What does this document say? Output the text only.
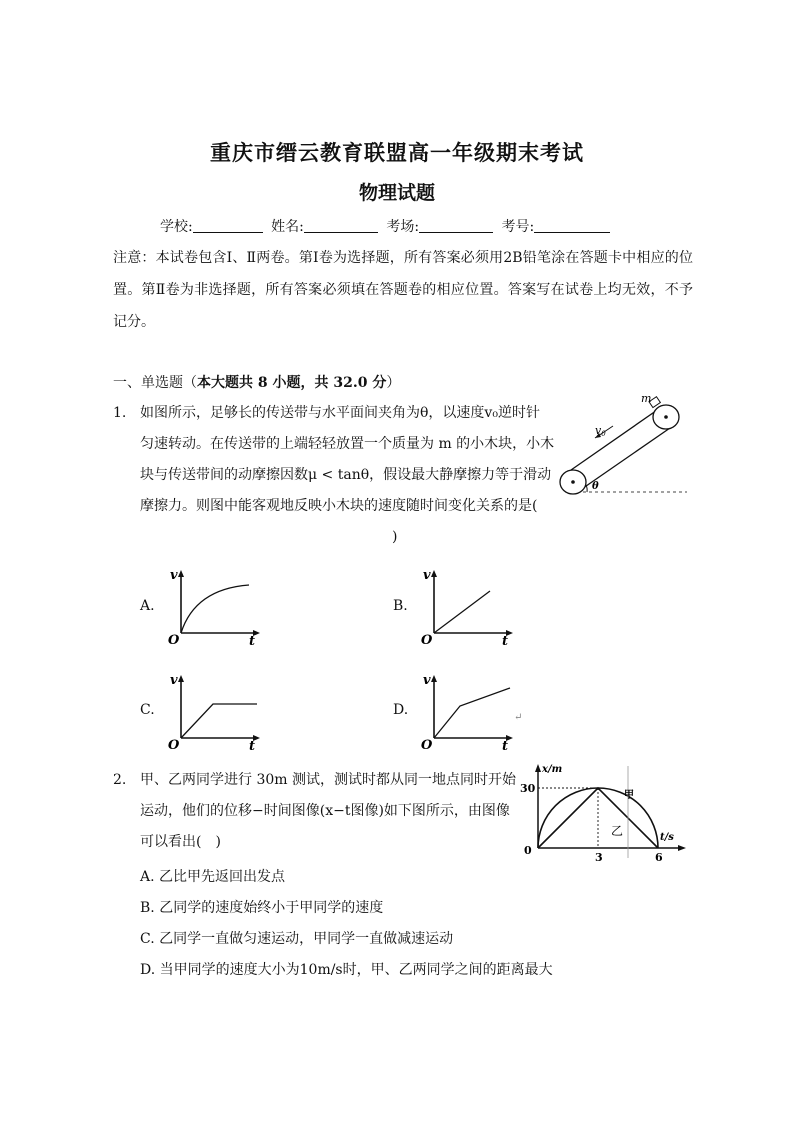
重庆市缙云教育联盟高一年级期末考试
物理试题
学校:	姓名:	考场:	考号:
注意：本试卷包含Ⅰ、Ⅱ两卷。第Ⅰ卷为选择题，所有答案必须用2B铅笔涂在答题卡中相应的位置。第Ⅱ卷为非选择题，所有答案必须填在答题卷的相应位置。答案写在试卷上均无效，不予记分。
一、单选题（本大题共 8 小题，共 32.0 分）
1. 如图所示，足够长的传送带与水平面间夹角为θ，以速度v₀逆时针
匀速转动。在传送带的上端轻轻放置一个质量为 m 的小木块，小木
块与传送带间的动摩擦因数μ < tanθ，假设最大静摩擦力等于滑动
摩擦力。则图中能客观地反映小木块的速度随时间变化关系的是(
)
m
v0
θ
A.
v
t
O
B.
v
t
O
C.
v
t
O
D.
v
t
O
↵
2. 甲、乙两同学进行 30m 测试，测试时都从同一地点同时开始
运动，他们的位移−时间图像(x−t图像)如下图所示，由图像
可以看出(　)
x/m
t/s
0
30
3	6
甲
乙
A. 乙比甲先返回出发点
B. 乙同学的速度始终小于甲同学的速度
C. 乙同学一直做匀速运动，甲同学一直做减速运动
D. 当甲同学的速度大小为10m/s时，甲、乙两同学之间的距离最大
